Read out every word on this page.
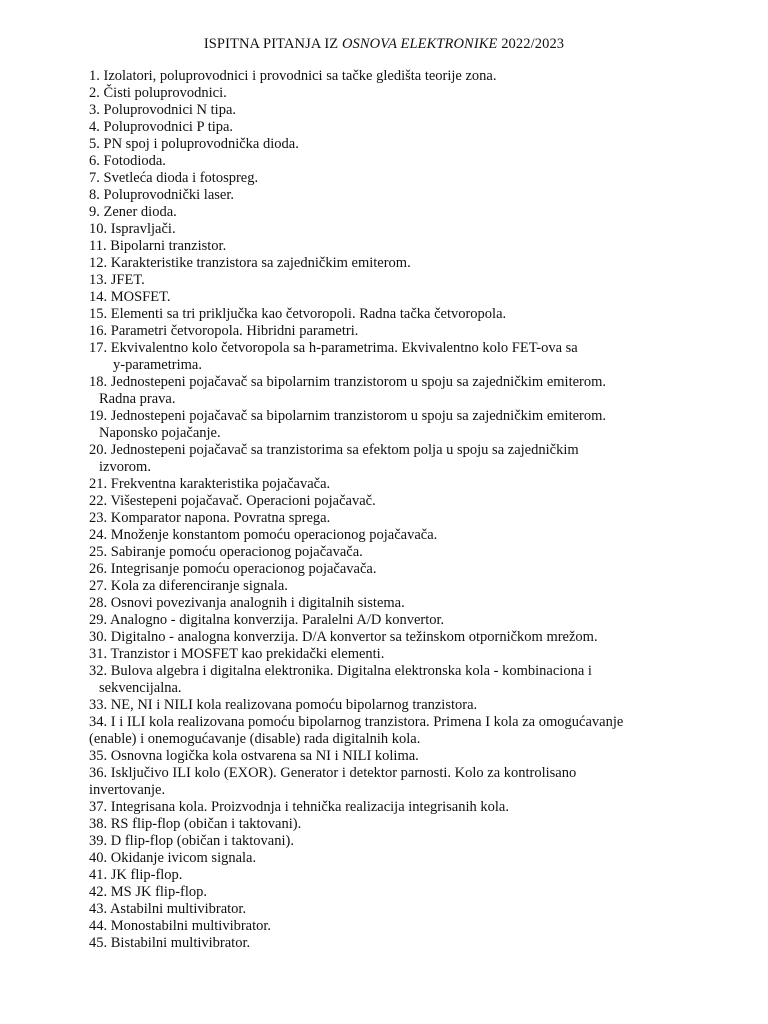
ISPITNA PITANJA IZ OSNOVA ELEKTRONIKE 2022/2023
1. Izolatori, poluprovodnici i provodnici sa tačke gledišta teorije zona.
2. Čisti poluprovodnici.
3. Poluprovodnici N tipa.
4. Poluprovodnici P tipa.
5. PN spoj i poluprovodnička dioda.
6. Fotodioda.
7. Svetleća dioda i fotospreg.
8. Poluprovodnički laser.
9. Zener dioda.
10. Ispravljači.
11. Bipolarni tranzistor.
12. Karakteristike tranzistora sa zajedničkim emiterom.
13. JFET.
14. MOSFET.
15. Elementi sa tri priključka kao četvoropoli. Radna tačka četvoropola.
16. Parametri četvoropola. Hibridni parametri.
17. Ekvivalentno kolo četvoropola sa h-parametrima. Ekvivalentno kolo FET-ova sa
y-parametrima.
18. Jednostepeni pojačavač sa bipolarnim tranzistorom u spoju sa zajedničkim emiterom.
Radna prava.
19. Jednostepeni pojačavač sa bipolarnim tranzistorom u spoju sa zajedničkim emiterom.
Naponsko pojačanje.
20. Jednostepeni pojačavač sa tranzistorima sa efektom polja u spoju sa zajedničkim
izvorom.
21. Frekventna karakteristika pojačavača.
22. Višestepeni pojačavač. Operacioni pojačavač.
23. Komparator napona. Povratna sprega.
24. Množenje konstantom pomoću operacionog pojačavača.
25. Sabiranje pomoću operacionog pojačavača.
26. Integrisanje pomoću operacionog pojačavača.
27. Kola za diferenciranje signala.
28. Osnovi povezivanja analognih i digitalnih sistema.
29. Analogno - digitalna konverzija. Paralelni A/D konvertor.
30. Digitalno - analogna konverzija. D/A konvertor sa težinskom otporničkom mrežom.
31. Tranzistor i MOSFET kao prekidački elementi.
32. Bulova algebra i digitalna elektronika. Digitalna elektronska kola - kombinaciona i
sekvencijalna.
33. NE, NI i NILI kola realizovana pomoću bipolarnog tranzistora.
34. I i ILI kola realizovana pomoću bipolarnog tranzistora. Primena I kola za omogućavanje
(enable) i onemogućavanje (disable) rada digitalnih kola.
35. Osnovna logička kola ostvarena sa NI i NILI kolima.
36. Isključivo ILI kolo (EXOR). Generator i detektor parnosti. Kolo za kontrolisano
invertovanje.
37. Integrisana kola. Proizvodnja i tehnička realizacija integrisanih kola.
38. RS flip-flop (običan i taktovani).
39. D flip-flop (običan i taktovani).
40. Okidanje ivicom signala.
41. JK flip-flop.
42. MS JK flip-flop.
43. Astabilni multivibrator.
44. Monostabilni multivibrator.
45. Bistabilni multivibrator.
